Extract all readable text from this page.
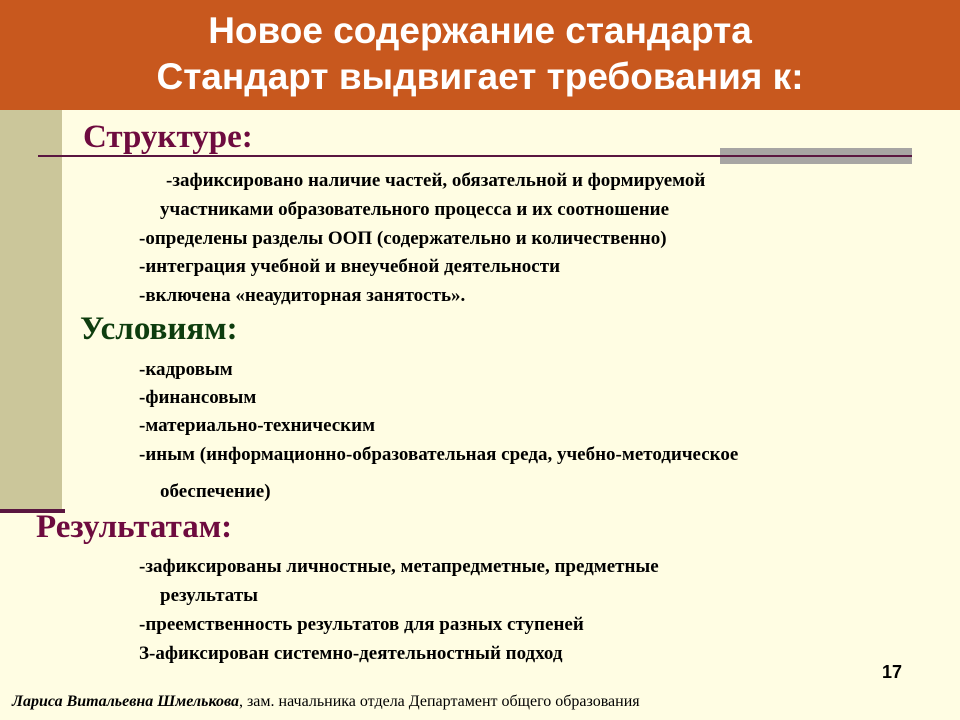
Новое содержание стандарта
Стандарт выдвигает требования к:
Структуре:
-зафиксировано наличие частей, обязательной и формируемой
участниками образовательного процесса и их соотношение
-определены разделы ООП (содержательно и количественно)
-интеграция учебной и внеучебной деятельности
-включена «неаудиторная занятость».
Условиям:
-кадровым
-финансовым
-материально-техническим
-иным (информационно-образовательная среда, учебно-методическое
обеспечение)
Результатам:
-зафиксированы личностные, метапредметные, предметные
результаты
-преемственность результатов для разных ступеней
З-афиксирован системно-деятельностный подход
17
Лариса Витальевна Шмелькова, зам. начальника отдела Департамент общего образования
